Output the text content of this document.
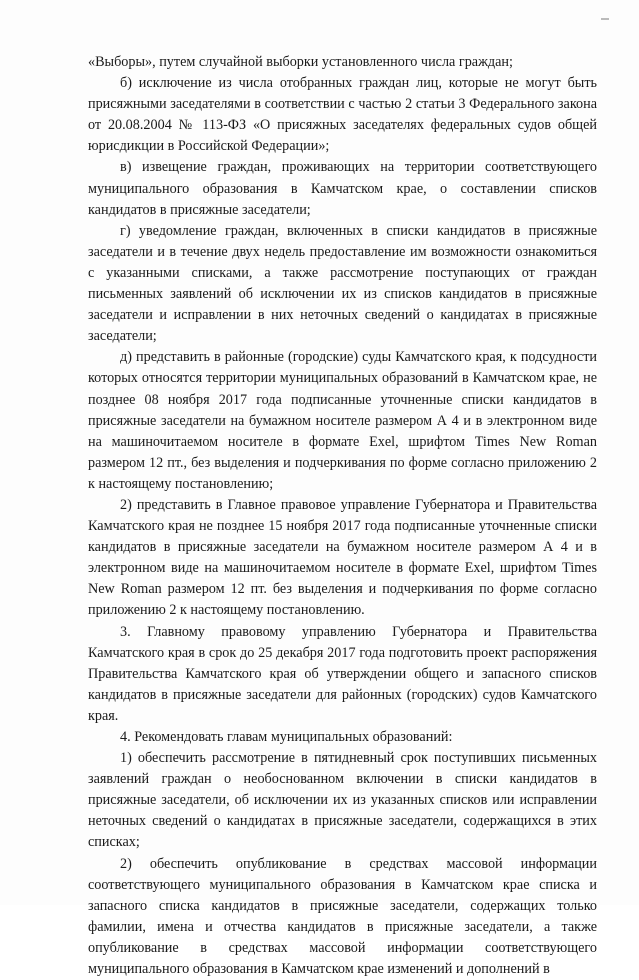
«Выборы», путем случайной выборки установленного числа граждан;

б) исключение из числа отобранных граждан лиц, которые не могут быть присяжными заседателями в соответствии с частью 2 статьи 3 Федерального закона от 20.08.2004 № 113-ФЗ «О присяжных заседателях федеральных судов общей юрисдикции в Российской Федерации»;

в) извещение граждан, проживающих на территории соответствующего муниципального образования в Камчатском крае, о составлении списков кандидатов в присяжные заседатели;

г) уведомление граждан, включенных в списки кандидатов в присяжные заседатели и в течение двух недель предоставление им возможности ознакомиться с указанными списками, а также рассмотрение поступающих от граждан письменных заявлений об исключении их из списков кандидатов в присяжные заседатели и исправлении в них неточных сведений о кандидатах в присяжные заседатели;

д) представить в районные (городские) суды Камчатского края, к подсудности которых относятся территории муниципальных образований в Камчатском крае, не позднее 08 ноября 2017 года подписанные уточненные списки кандидатов в присяжные заседатели на бумажном носителе размером А 4 и в электронном виде на машиночитаемом носителе в формате Exel, шрифтом Times New Roman размером 12 пт., без выделения и подчеркивания по форме согласно приложению 2 к настоящему постановлению;

2) представить в Главное правовое управление Губернатора и Правительства Камчатского края не позднее 15 ноября 2017 года подписанные уточненные списки кандидатов в присяжные заседатели на бумажном носителе размером А 4 и в электронном виде на машиночитаемом носителе в формате Exel, шрифтом Times New Roman размером 12 пт. без выделения и подчеркивания по форме согласно приложению 2 к настоящему постановлению.

3. Главному правовому управлению Губернатора и Правительства Камчатского края в срок до 25 декабря 2017 года подготовить проект распоряжения Правительства Камчатского края об утверждении общего и запасного списков кандидатов в присяжные заседатели для районных (городских) судов Камчатского края.

4. Рекомендовать главам муниципальных образований:

1) обеспечить рассмотрение в пятидневный срок поступивших письменных заявлений граждан о необоснованном включении в списки кандидатов в присяжные заседатели, об исключении их из указанных списков или исправлении неточных сведений о кандидатах в присяжные заседатели, содержащихся в этих списках;

2) обеспечить опубликование в средствах массовой информации соответствующего муниципального образования в Камчатском крае списка и запасного списка кандидатов в присяжные заседатели, содержащих только фамилии, имена и отчества кандидатов в присяжные заседатели, а также опубликование в средствах массовой информации соответствующего муниципального образования в Камчатском крае изменений и дополнений в
